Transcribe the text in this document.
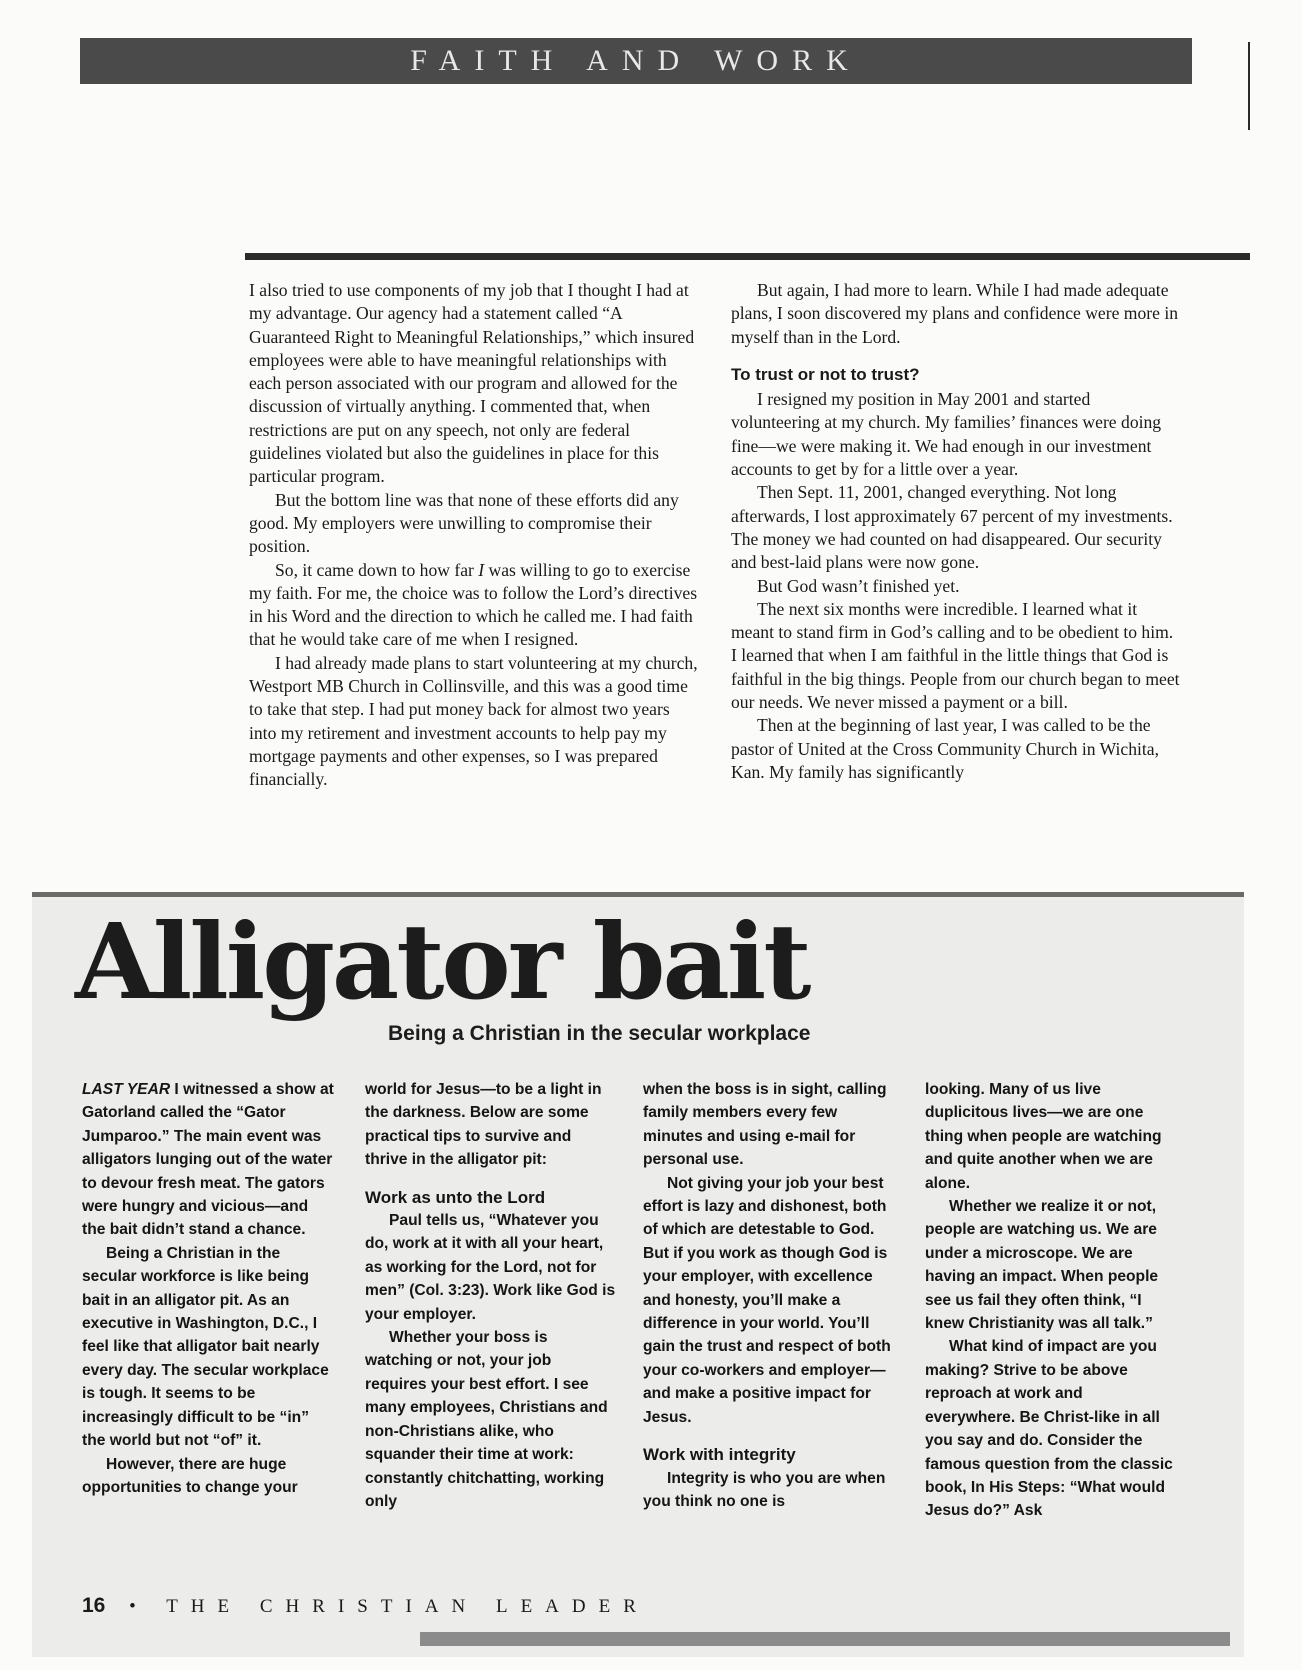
FAITH AND WORK

I also tried to use components of my job that I thought I had at my advantage. Our agency had a statement called “A Guaranteed Right to Meaningful Relationships,” which insured employees were able to have meaningful relationships with each person associated with our program and allowed for the discussion of virtually anything. I commented that, when restrictions are put on any speech, not only are federal guidelines violated but also the guidelines in place for this particular program.

But the bottom line was that none of these efforts did any good. My employers were unwilling to compromise their position.

So, it came down to how far I was willing to go to exercise my faith. For me, the choice was to follow the Lord’s directives in his Word and the direction to which he called me. I had faith that he would take care of me when I resigned.

I had already made plans to start volunteering at my church, Westport MB Church in Collinsville, and this was a good time to take that step. I had put money back for almost two years into my retirement and investment accounts to help pay my mortgage payments and other expenses, so I was prepared financially.

But again, I had more to learn. While I had made adequate plans, I soon discovered my plans and confidence were more in myself than in the Lord.

To trust or not to trust?

I resigned my position in May 2001 and started volunteering at my church. My families’ finances were doing fine—we were making it. We had enough in our investment accounts to get by for a little over a year.

Then Sept. 11, 2001, changed everything. Not long afterwards, I lost approximately 67 percent of my investments. The money we had counted on had disappeared. Our security and best-laid plans were now gone.

But God wasn’t finished yet.

The next six months were incredible. I learned what it meant to stand firm in God’s calling and to be obedient to him. I learned that when I am faithful in the little things that God is faithful in the big things. People from our church began to meet our needs. We never missed a payment or a bill.

Then at the beginning of last year, I was called to be the pastor of United at the Cross Community Church in Wichita, Kan. My family has significantly

Alligator bait
Being a Christian in the secular workplace

LAST YEAR I witnessed a show at Gatorland called the “Gator Jumparoo.” The main event was alligators lunging out of the water to devour fresh meat. The gators were hungry and vicious—and the bait didn’t stand a chance.

Being a Christian in the secular workforce is like being bait in an alligator pit. As an executive in Washington, D.C., I feel like that alligator bait nearly every day. The secular workplace is tough. It seems to be increasingly difficult to be “in” the world but not “of” it.

However, there are huge opportunities to change your

world for Jesus—to be a light in the darkness. Below are some practical tips to survive and thrive in the alligator pit:

Work as unto the Lord

Paul tells us, “Whatever you do, work at it with all your heart, as working for the Lord, not for men” (Col. 3:23). Work like God is your employer.

Whether your boss is watching or not, your job requires your best effort. I see many employees, Christians and non-Christians alike, who squander their time at work: constantly chitchatting, working only

when the boss is in sight, calling family members every few minutes and using e-mail for personal use.

Not giving your job your best effort is lazy and dishonest, both of which are detestable to God. But if you work as though God is your employer, with excellence and honesty, you’ll make a difference in your world. You’ll gain the trust and respect of both your co-workers and employer—and make a positive impact for Jesus.

Work with integrity

Integrity is who you are when you think no one is

looking. Many of us live duplicitous lives—we are one thing when people are watching and quite another when we are alone.

Whether we realize it or not, people are watching us. We are under a microscope. We are having an impact. When people see us fail they often think, “I knew Christianity was all talk.”

What kind of impact are you making? Strive to be above reproach at work and everywhere. Be Christ-like in all you say and do. Consider the famous question from the classic book, In His Steps: “What would Jesus do?” Ask

16 • THE CHRISTIAN LEADER
